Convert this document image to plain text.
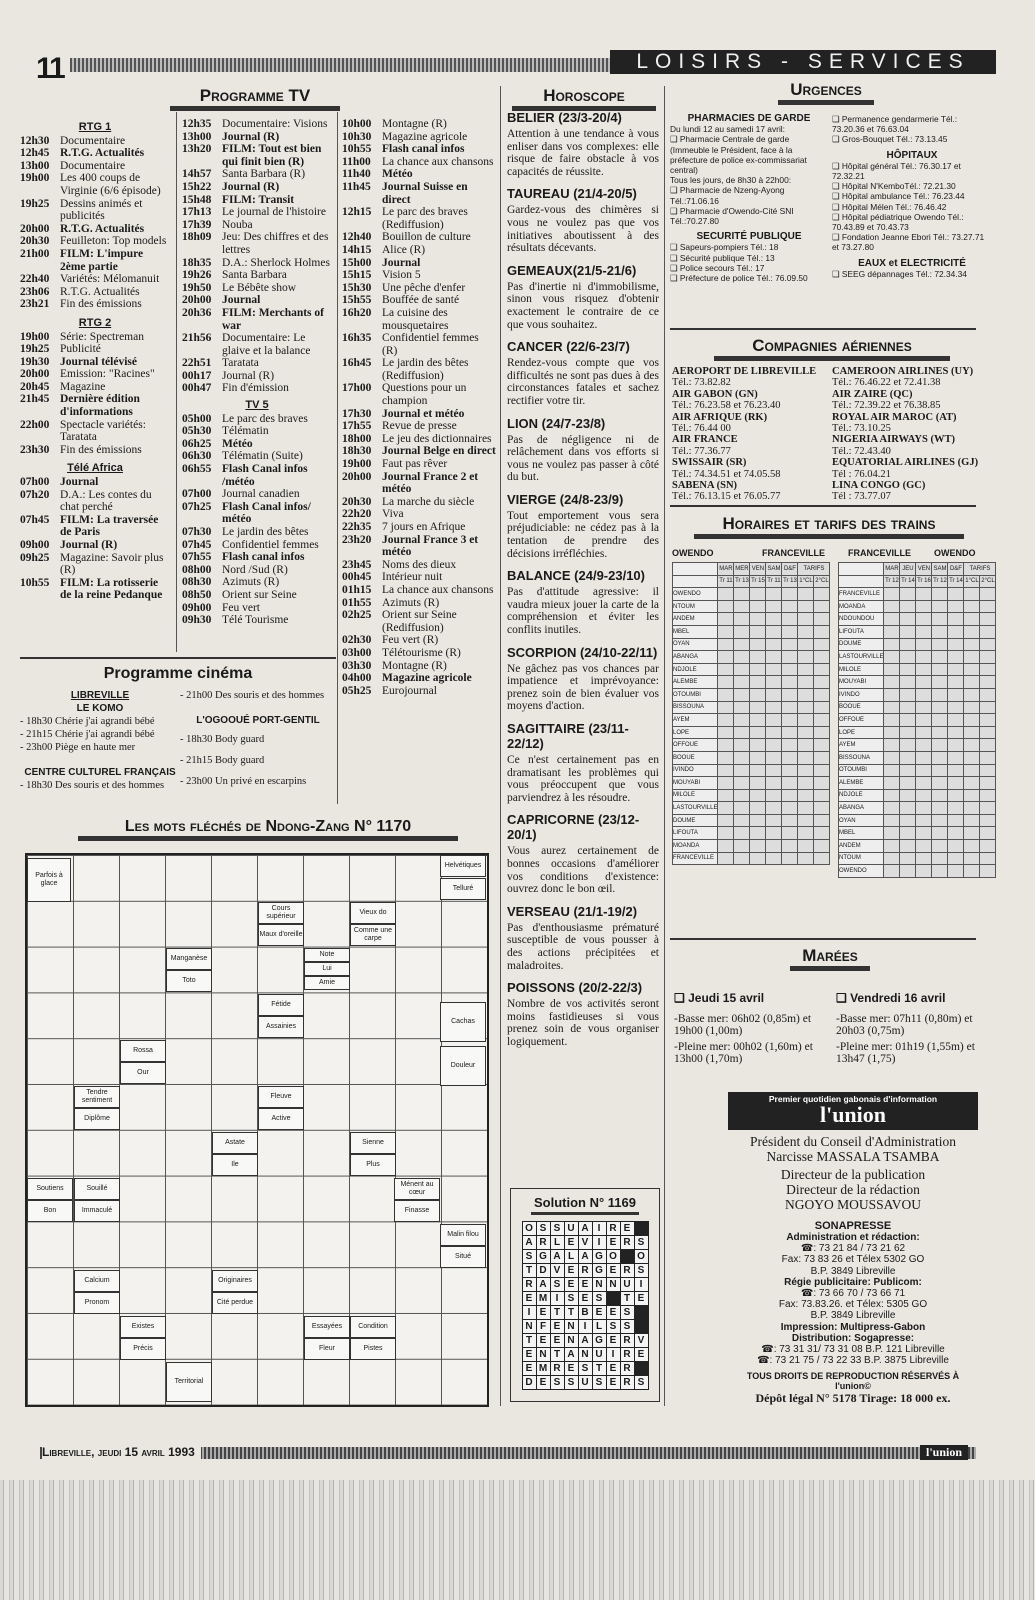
11	LOISIRS - SERVICES
Programme TV
RTG 1
12h30 Documentaire
12h45 R.T.G. Actualités
13h00 Documentaire
19h00 Les 400 coups de Virginie (6/6 épisode)
19h25 Dessins animés et publicités
20h00 R.T.G. Actualités
20h30 Feuilleton: Top models
21h00 FILM: L'impure 2ème partie
22h40 Variétés: Mélomanuit
23h06 R.T.G. Actualités
23h21 Fin des émissions
RTG 2
19h00 Série: Spectreman
19h25 Publicité
19h30 Journal télévisé
20h00 Emission: "Racines"
20h45 Magazine
21h45 Dernière édition d'informations
22h00 Spectacle variétés: Taratata
23h30 Fin des émissions
Télé Africa
07h00 Journal
07h20 D.A.: Les contes du chat perché
07h45 FILM: La traversée de Paris
09h00 Journal (R)
09h25 Magazine: Savoir plus (R)
10h55 FILM: La rotisserie de la reine Pedanque
12h35 Documentaire: Visions
13h00 Journal (R)
13h20 FILM: Tout est bien qui finit bien (R)
14h57 Santa Barbara (R)
15h22 Journal (R)
15h48 FILM: Transit
17h13 Le journal de l'histoire
17h39 Nouba
18h09 Jeu: Des chiffres et des lettres
18h35 D.A.: Sherlock Holmes
19h26 Santa Barbara
19h50 Le Bébête show
20h00 Journal
20h36 FILM: Merchants of war
21h56 Documentaire: Le glaive et la balance
22h51 Taratata
00h17 Journal (R)
00h47 Fin d'émission
TV 5
05h00 Le parc des braves
05h30 Télématin
06h25 Météo
06h30 Télématin (Suite)
06h55 Flash Canal infos /météo
07h00 Journal canadien
07h25 Flash Canal infos/ météo
07h30 Le jardin des bêtes
07h45 Confidentiel femmes
07h55 Flash canal infos
08h00 Nord /Sud (R)
08h30 Azimuts (R)
08h50 Orient sur Seine
09h00 Feu vert
09h30 Télé Tourisme
10h00 Montagne (R)
10h30 Magazine agricole
10h55 Flash canal infos
11h00 La chance aux chansons
11h40 Météo
11h45 Journal Suisse en direct
12h15 Le parc des braves (Rediffusion)
12h40 Bouillon de culture
14h15 Alice (R)
15h00 Journal
15h15 Vision 5
15h30 Une pêche d'enfer
15h55 Bouffée de santé
16h20 La cuisine des mousquetaires
16h35 Confidentiel femmes (R)
16h45 Le jardin des bêtes (Rediffusion)
17h00 Questions pour un champion
17h30 Journal et météo
17h55 Revue de presse
18h00 Le jeu des dictionnaires
18h30 Journal Belge en direct
19h00 Faut pas rêver
20h00 Journal France 2 et météo
20h30 La marche du siècle
22h20 Viva
22h35 7 jours en Afrique
23h20 Journal France 3 et météo
23h45 Noms des dieux
00h45 Intérieur nuit
01h15 La chance aux chansons
01h55 Azimuts (R)
02h25 Orient sur Seine (Rediffusion)
02h30 Feu vert (R)
03h00 Télétourisme (R)
03h30 Montagne (R)
04h00 Magazine agricole
05h25 Eurojournal
Programme cinéma
LIBREVILLE
LE KOMO
- 18h30 Chérie j'ai agrandi bébé
- 21h15 Chérie j'ai agrandi bébé
- 23h00 Piège en haute mer
CENTRE CULTUREL FRANÇAIS
- 18h30 Des souris et des hommes
- 21h00 Des souris et des hommes
L'OGOOUÉ PORT-GENTIL
- 18h30 Body guard
- 21h15 Body guard
- 23h00 Un privé en escarpins
Les mots fléchés de Ndong-Zang N° 1170
Parfois à glace
Helvétiques
Telluré
Cours supérieur
Maux d'oreille
Vieux do
Comme une carpe
Manganèse
Toto
Note
Lui
Amie
Fétide
Assainies
Cachas
Rossa
Our
Douleur
Tendre sentiment
Diplôme
Fleuve
Active
Astate
Ile
Sienne
Plus
Soutiens
Bon
Souillé
Immaculé
Ménent au cœur
Finasse
Malin filou
Situé
Calcium
Pronom
Originaires
Cité perdue
Existes
Précis
Essayées
Fleur
Condition
Pistes
Territorial
Horoscope
BELIER (23/3-20/4)
Attention à une tendance à vous enliser dans vos complexes: elle risque de faire obstacle à vos capacités de réussite.
TAUREAU (21/4-20/5)
Gardez-vous des chimères si vous ne voulez pas que vos initiatives aboutissent à des résultats décevants.
GEMEAUX(21/5-21/6)
Pas d'inertie ni d'immobilisme, sinon vous risquez d'obtenir exactement le contraire de ce que vous souhaitez.
CANCER (22/6-23/7)
Rendez-vous compte que vos difficultés ne sont pas dues à des circonstances fatales et sachez rectifier votre tir.
LION (24/7-23/8)
Pas de négligence ni de relâchement dans vos efforts si vous ne voulez pas passer à côté du but.
VIERGE (24/8-23/9)
Tout emportement vous sera préjudiciable: ne cédez pas à la tentation de prendre des décisions irréfléchies.
BALANCE (24/9-23/10)
Pas d'attitude agressive: il vaudra mieux jouer la carte de la compréhension et éviter les conflits inutiles.
SCORPION (24/10-22/11)
Ne gâchez pas vos chances par impatience et imprévoyance: prenez soin de bien évaluer vos moyens d'action.
SAGITTAIRE (23/11-22/12)
Ce n'est certainement pas en dramatisant les problèmes qui vous préoccupent que vous parviendrez à les résoudre.
CAPRICORNE (23/12-20/1)
Vous aurez certainement de bonnes occasions d'améliorer vos conditions d'existence: ouvrez donc le bon œil.
VERSEAU (21/1-19/2)
Pas d'enthousiasme prématuré susceptible de vous pousser à des actions précipitées et maladroites.
POISSONS (20/2-22/3)
Nombre de vos activités seront moins fastidieuses si vous prenez soin de vous organiser logiquement.
Solution N° 1169
O	S	S	U	A	I	R	E	
A	R	L	E	V	I	E	R	S
S	G	A	L	A	G	O		O
T	D	V	E	R	G	E	R	S
R	A	S	E	E	N	N	U	I
E	M	I	S	E	S		T	E
I	E	T	T	B	E	E	S	
N	F	E	N	I	L	S	S	
T	E	E	N	A	G	E	R	V
E	N	T	A	N	U	I	R	E
E	M	R	E	S	T	E	R	
D	E	S	S	U	S	E	R	S
Urgences
PHARMACIES DE GARDE
Du lundi 12 au samedi 17 avril:
❑ Pharmacie Centrale de garde (Immeuble le Président, face à la préfecture de police ex-commissariat central)
Tous les jours, de 8h30 à 22h00:
❑ Pharmacie de Nzeng-Ayong Tél.:71.06.16
❑ Pharmacie d'Owendo-Cité SNI Tél.:70.27.80
SECURITÉ PUBLIQUE
❑ Sapeurs-pompiers Tél.: 18
❑ Sécurité publique Tél.: 13
❑ Police secours Tél.: 17
❑ Préfecture de police Tél.: 76.09.50
❑ Permanence gendarmerie Tél.: 73.20.36 et 76.63.04
❑ Gros-Bouquet Tél.: 73.13.45
HÔPITAUX
❑ Hôpital général Tél.: 76.30.17 et 72.32.21
❑ Hôpital N'KemboTél.: 72.21.30
❑ Hôpital ambulance Tél.: 76.23.44
❑ Hôpital Mélen Tél.: 76.46.42
❑ Hôpital pédiatrique Owendo Tél.: 70.43.89 et 70.43.73
❑ Fondation Jeanne Ebori Tél.: 73.27.71 et 73.27.80
EAUX et ELECTRICITÉ
❑ SEEG dépannages Tél.: 72.34.34
Compagnies aériennes
AEROPORT DE LIBREVILLE
Tél.: 73.82.82
AIR GABON (GN)
Tél.: 76.23.58 et 76.23.40
AIR AFRIQUE (RK)
Tél.: 76.44 00
AIR FRANCE
Tél.: 77.36.77
SWISSAIR (SR)
Tél.: 74.34.51 et 74.05.58
SABENA (SN)
Tél.: 76.13.15 et 76.05.77
CAMEROON AIRLINES (UY)
Tél.: 76.46.22 et 72.41.38
AIR ZAIRE (QC)
Tél.: 72.39.22 et 76.38.85
ROYAL AIR MAROC (AT)
Tél.: 73.10.25
NIGERIA AIRWAYS (WT)
Tél.: 72.43.40
EQUATORIAL AIRLINES (GJ)
Tél : 76.04.21
LINA CONGO (GC)
Tél : 73.77.07
Horaires et tarifs des trains
OWENDO	FRANCEVILLE	FRANCEVILLE	OWENDO
	MAR	MER	VEN	SAM	D&F	TARIFS	
	Tr 11	Tr 13	Tr 15	Tr 11	Tr 13	1°CL	2°CL
OWENDO							
NTOUM							
ANDEM							
MBEL							
OYAN							
ABANGA							
NDJOLE							
ALEMBE							
OTOUMBI							
BISSOUNA							
AYEM							
LOPE							
OFFOUE							
BOOUE							
IVINDO							
MOUYABI							
MILOLE							
LASTOURVILLE							
DOUME							
LIFOUTA							
MOANDA							
FRANCEVILLE							
	MAR	JEU	VEN	SAM	D&F	TARIFS	
	Tr 12	Tr 14	Tr 16	Tr 12	Tr 14	1°CL	2°CL
FRANCEVILLE							
MOANDA							
NDOUNDOU							
LIFOUTA							
DOUME							
LASTOURVILLE							
MILOLE							
MOUYABI							
IVINDO							
BOOUE							
OFFOUE							
LOPE							
AYEM							
BISSOUNA							
OTOUMBI							
ALEMBE							
NDJOLE							
ABANGA							
OYAN							
MBEL							
ANDEM							
NTOUM							
OWENDO							
Marées
❑ Jeudi 15 avril
-Basse mer: 06h02 (0,85m) et 19h00 (1,00m)
-Pleine mer: 00h02 (1,60m) et 13h00 (1,70m)
❑ Vendredi 16 avril
-Basse mer: 07h11 (0,80m) et 20h03 (0,75m)
-Pleine mer: 01h19 (1,55m) et 13h47 (1,75)
Premier quotidien gabonais d'information
l'union
Président du Conseil d'Administration
Narcisse MASSALA TSAMBA
Directeur de la publication
Directeur de la rédaction
NGOYO MOUSSAVOU
SONAPRESSE
Administration et rédaction:
☎: 73 21 84 / 73 21 62
Fax: 73 83 26 et Télex 5302 GO
B.P. 3849 Libreville
Régie publicitaire: Publicom:
☎: 73 66 70 / 73 66 71
Fax: 73.83.26. et Télex: 5305 GO
B.P. 3849 Libreville
Impression: Multipress-Gabon
Distribution: Sogapresse:
☎: 73 31 31/ 73 31 08 B.P. 121 Libreville
☎: 73 21 75 / 73 22 33 B.P. 3875 Libreville
TOUS DROITS DE REPRODUCTION RÉSERVÉS À l'union©
Dépôt légal N° 5178 Tirage: 18 000 ex.
Libreville, jeudi 15 avril 1993	l'union
